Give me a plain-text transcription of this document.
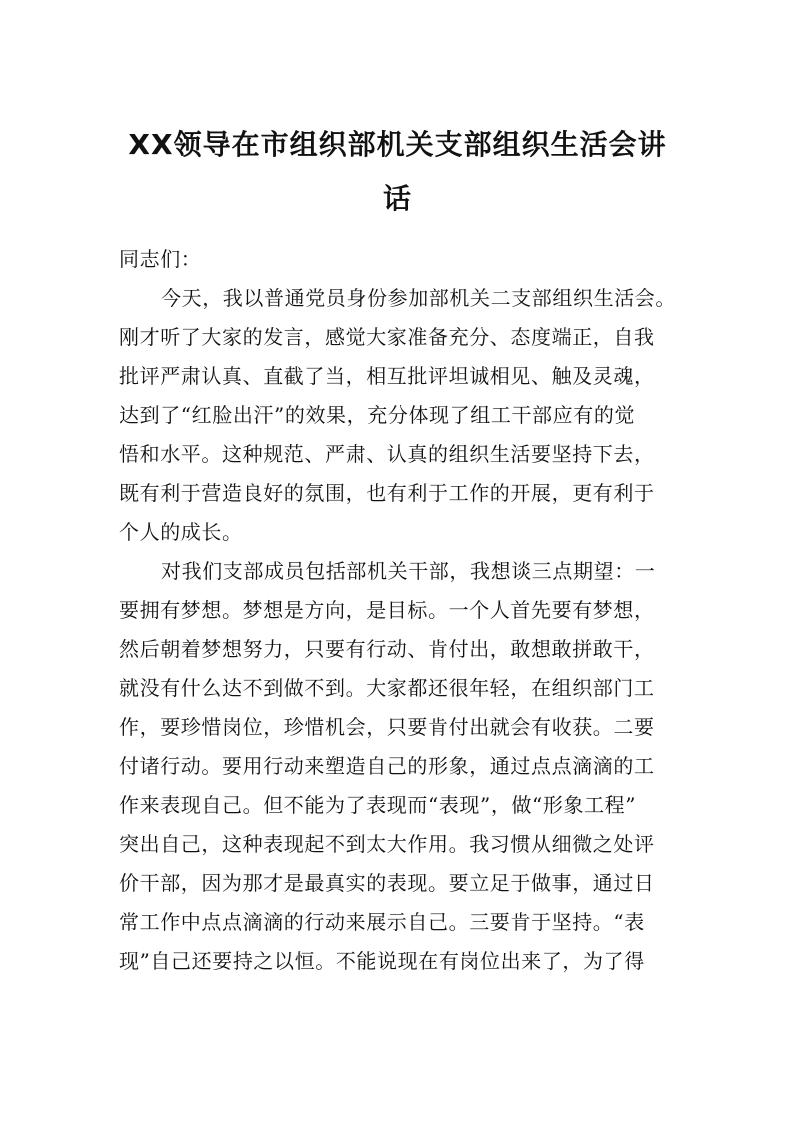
XX领导在市组织部机关支部组织生活会讲
话
同志们：
今天，我以普通党员身份参加部机关二支部组织生活会。
刚才听了大家的发言，感觉大家准备充分、态度端正，自我
批评严肃认真、直截了当，相互批评坦诚相见、触及灵魂，
达到了“红脸出汗”的效果，充分体现了组工干部应有的觉
悟和水平。这种规范、严肃、认真的组织生活要坚持下去，
既有利于营造良好的氛围，也有利于工作的开展，更有利于
个人的成长。
对我们支部成员包括部机关干部，我想谈三点期望：一
要拥有梦想。梦想是方向，是目标。一个人首先要有梦想，
然后朝着梦想努力，只要有行动、肯付出，敢想敢拼敢干，
就没有什么达不到做不到。大家都还很年轻，在组织部门工
作，要珍惜岗位，珍惜机会，只要肯付出就会有收获。二要
付诸行动。要用行动来塑造自己的形象，通过点点滴滴的工
作来表现自己。但不能为了表现而“表现”，做“形象工程”
突出自己，这种表现起不到太大作用。我习惯从细微之处评
价干部，因为那才是最真实的表现。要立足于做事，通过日
常工作中点点滴滴的行动来展示自己。三要肯于坚持。“表
现”自己还要持之以恒。不能说现在有岗位出来了，为了得
